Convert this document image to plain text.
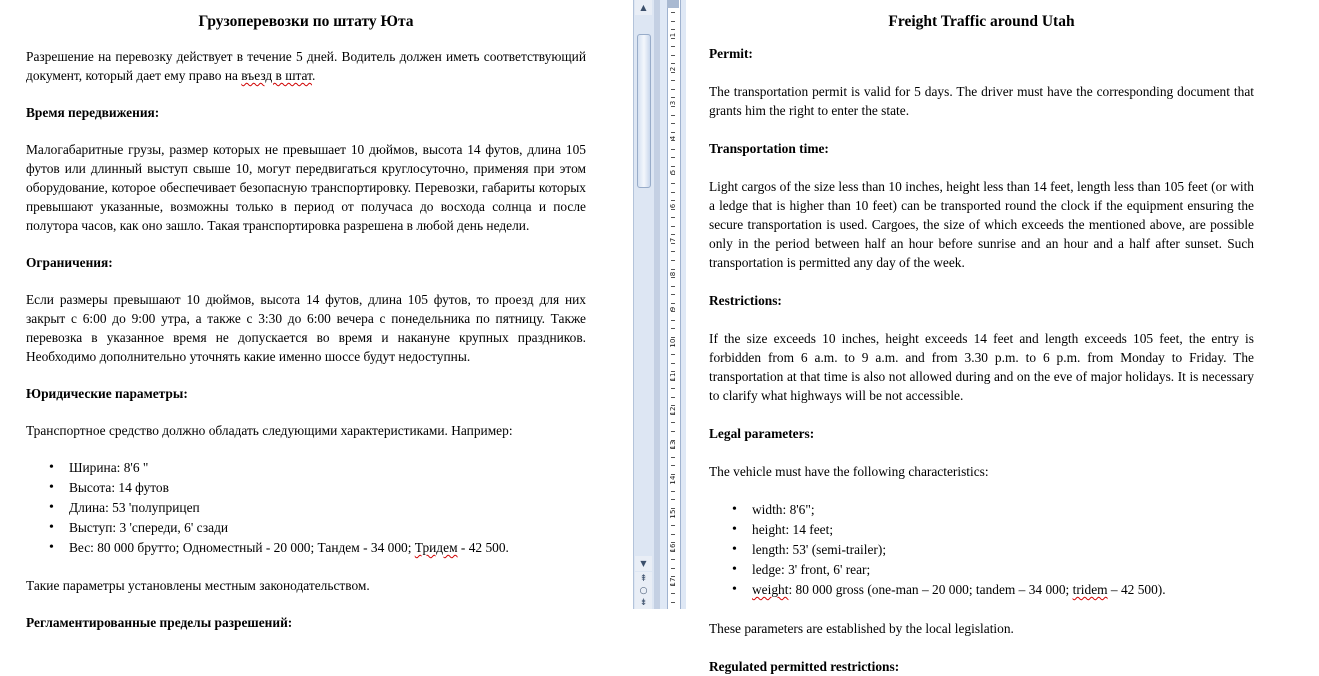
Грузоперевозки по штату Юта

Разрешение на перевозку действует в течение 5 дней. Водитель должен иметь соответствующий документ, который дает ему право на въезд в штат.

Время передвижения:

Малогабаритные грузы, размер которых не превышает 10 дюймов, высота 14 футов, длина 105 футов или длинный выступ свыше 10, могут передвигаться круглосуточно, применяя при этом оборудование, которое обеспечивает безопасную транспортировку. Перевозки, габариты которых превышают указанные, возможны только в период от получаса до восхода солнца и после полутора часов, как оно зашло. Такая транспортировка разрешена в любой день недели.

Ограничения:

Если размеры превышают 10 дюймов, высота 14 футов, длина 105 футов, то проезд для них закрыт с 6:00 до 9:00 утра, а также с 3:30 до 6:00 вечера с понедельника по пятницу. Также перевозка в указанное время не допускается во время и накануне крупных праздников. Необходимо дополнительно уточнять какие именно шоссе будут недоступны.

Юридические параметры:

Транспортное средство должно обладать следующими характеристиками. Например:

• Ширина: 8'6 "
• Высота: 14 футов
• Длина: 53 'полуприцеп
• Выступ: 3 'спереди, 6' сзади
• Вес: 80 000 брутто; Одноместный - 20 000; Тандем - 34 000; Тридем - 42 500.

Такие параметры установлены местным законодательством.

Регламентированные пределы разрешений:

▲
▼
⇞
○
⇟
1
2
3
4
5
6
7
8
9
10
11
12
13
14
15
16
17
Freight Traffic around Utah

Permit:

The transportation permit is valid for 5 days. The driver must have the corresponding document that grants him the right to enter the state.

Transportation time:

Light cargos of the size less than 10 inches, height less than 14 feet, length less than 105 feet (or with a ledge that is higher than 10 feet) can be transported round the clock if the equipment ensuring the secure transportation is used. Cargoes, the size of which exceeds the mentioned above, are possible only in the period between half an hour before sunrise and an hour and a half after sunset. Such transportation is permitted any day of the week.

Restrictions:

If the size exceeds 10 inches, height exceeds 14 feet and length exceeds 105 feet, the entry is forbidden from 6 a.m. to 9 a.m. and from 3.30 p.m. to 6 p.m. from Monday to Friday. The transportation at that time is also not allowed during and on the eve of major holidays. It is necessary to clarify what highways will be not accessible.

Legal parameters:

The vehicle must have the following characteristics:

• width: 8'6";
• height: 14 feet;
• length: 53' (semi-trailer);
• ledge: 3' front, 6' rear;
• weight: 80 000 gross (one-man – 20 000; tandem – 34 000; tridem – 42 500).

These parameters are established by the local legislation.

Regulated permitted restrictions:
